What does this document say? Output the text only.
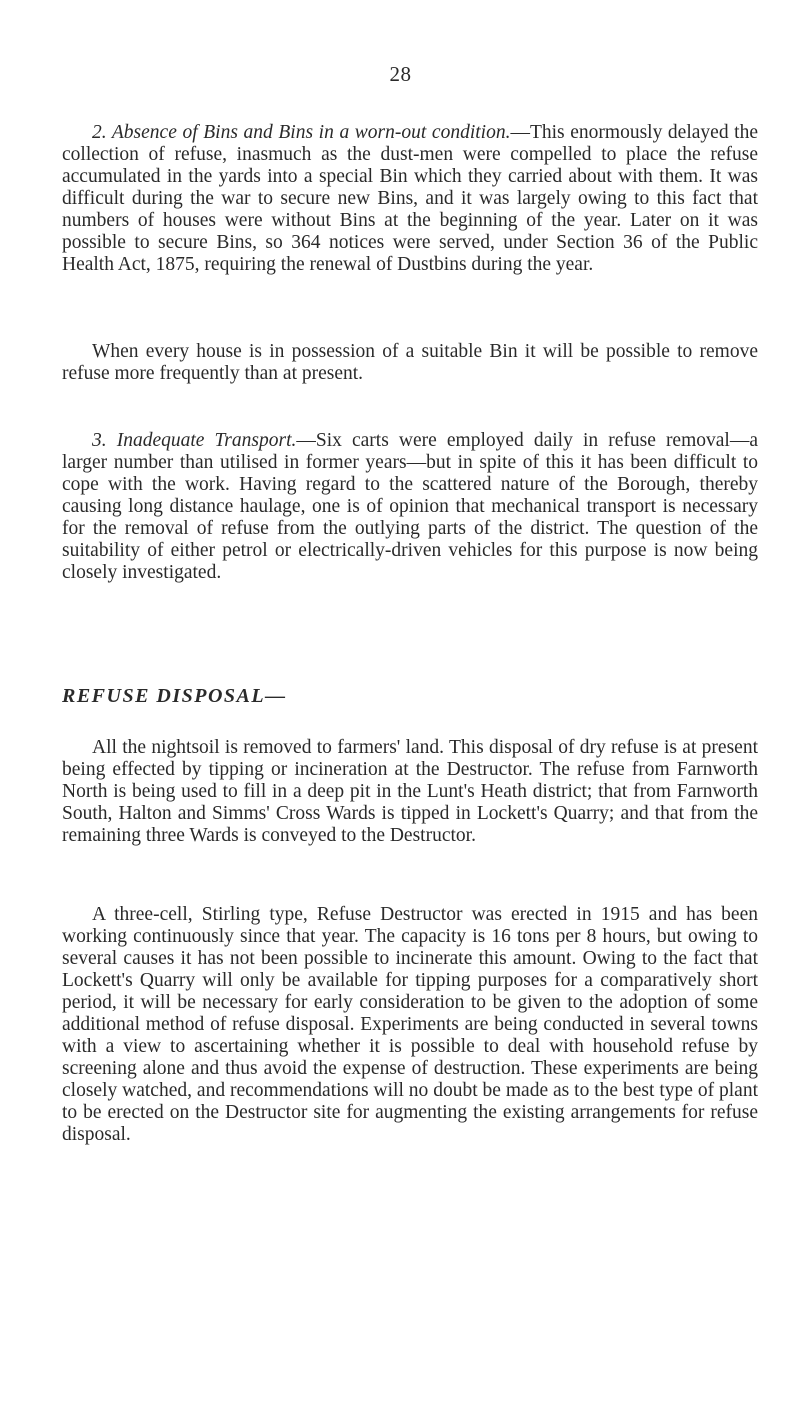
28

2. Absence of Bins and Bins in a worn-out condition.—This enormously delayed the collection of refuse, inasmuch as the dust-men were compelled to place the refuse accumulated in the yards into a special Bin which they carried about with them. It was difficult during the war to secure new Bins, and it was largely owing to this fact that numbers of houses were without Bins at the beginning of the year. Later on it was possible to secure Bins, so 364 notices were served, under Section 36 of the Public Health Act, 1875, requiring the renewal of Dustbins during the year.

When every house is in possession of a suitable Bin it will be possible to remove refuse more frequently than at present.

3. Inadequate Transport.—Six carts were employed daily in refuse removal—a larger number than utilised in former years—but in spite of this it has been difficult to cope with the work. Having regard to the scattered nature of the Borough, thereby causing long distance haulage, one is of opinion that mechanical transport is necessary for the removal of refuse from the outlying parts of the district. The question of the suitability of either petrol or electrically-driven vehicles for this purpose is now being closely investigated.

REFUSE DISPOSAL—

All the nightsoil is removed to farmers' land. This disposal of dry refuse is at present being effected by tipping or incineration at the Destructor. The refuse from Farnworth North is being used to fill in a deep pit in the Lunt's Heath district; that from Farnworth South, Halton and Simms' Cross Wards is tipped in Lockett's Quarry; and that from the remaining three Wards is conveyed to the Destructor.

A three-cell, Stirling type, Refuse Destructor was erected in 1915 and has been working continuously since that year. The capacity is 16 tons per 8 hours, but owing to several causes it has not been possible to incinerate this amount. Owing to the fact that Lockett's Quarry will only be available for tipping purposes for a comparatively short period, it will be necessary for early consideration to be given to the adoption of some additional method of refuse disposal. Experiments are being conducted in several towns with a view to ascertaining whether it is possible to deal with household refuse by screening alone and thus avoid the expense of destruction. These experiments are being closely watched, and recommendations will no doubt be made as to the best type of plant to be erected on the Destructor site for augmenting the existing arrangements for refuse disposal.
